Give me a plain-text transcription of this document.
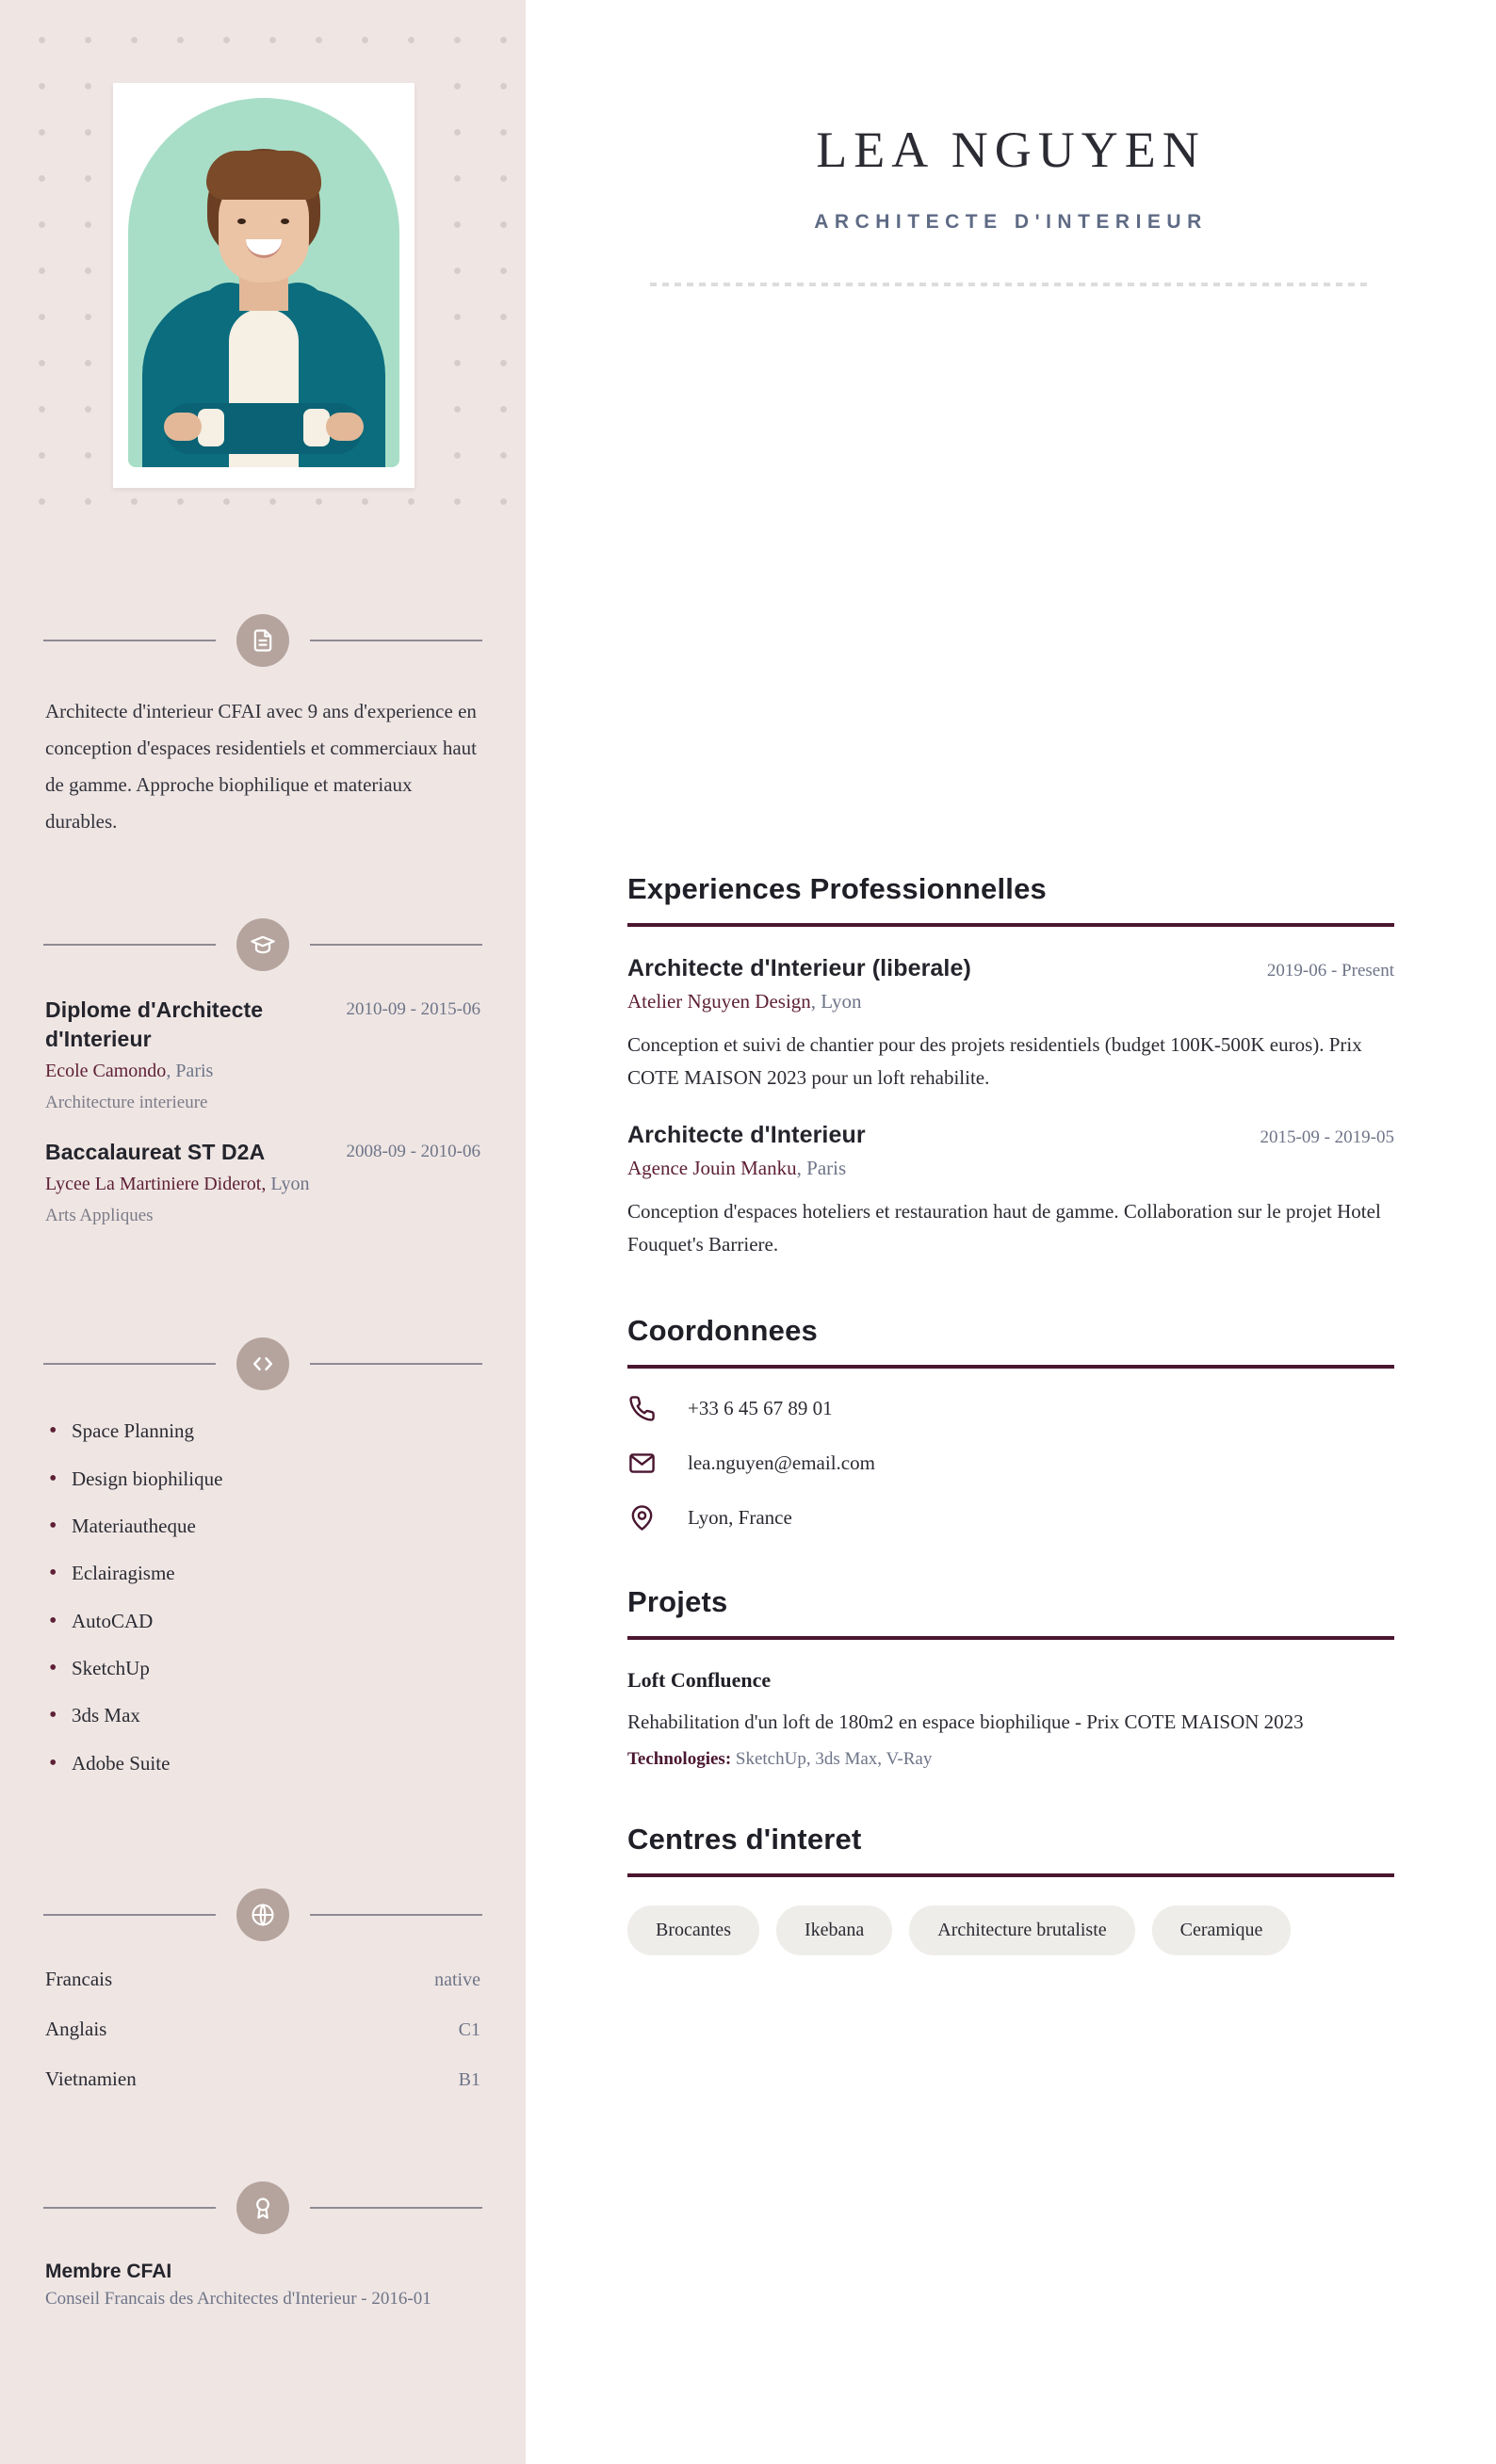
Architecte d'interieur CFAI avec 9 ans d'experience en conception d'espaces residentiels et commerciaux haut de gamme. Approche biophilique et materiaux durables.

Diplome d'Architecte d'Interieur
2010-09 - 2015-06
Ecole Camondo, Paris
Architecture interieure
Baccalaureat ST D2A	2008-09 - 2010-06
Lycee La Martiniere Diderot, Lyon
Arts Appliques
• Space Planning
• Design biophilique
• Materiautheque
• Eclairagisme
• AutoCAD
• SketchUp
• 3ds Max
• Adobe Suite
Francais	native
Anglais	C1
Vietnamien	B1
Membre CFAI
Conseil Francais des Architectes d'Interieur - 2016-01
LEA NGUYEN
ARCHITECTE D'INTERIEUR
Experiences Professionnelles
Architecte d'Interieur (liberale)	2019-06 - Present
Atelier Nguyen Design, Lyon

Conception et suivi de chantier pour des projets residentiels (budget 100K-500K euros). Prix COTE MAISON 2023 pour un loft rehabilite.

Architecte d'Interieur	2015-09 - 2019-05
Agence Jouin Manku, Paris

Conception d'espaces hoteliers et restauration haut de gamme. Collaboration sur le projet Hotel Fouquet's Barriere.

Coordonnees
+33 6 45 67 89 01
lea.nguyen@email.com
Lyon, France
Projets
Loft Confluence
Rehabilitation d'un loft de 180m2 en espace biophilique - Prix COTE MAISON 2023
Technologies: SketchUp, 3ds Max, V-Ray
Centres d'interet
Brocantes	Ikebana	Architecture brutaliste	Ceramique
